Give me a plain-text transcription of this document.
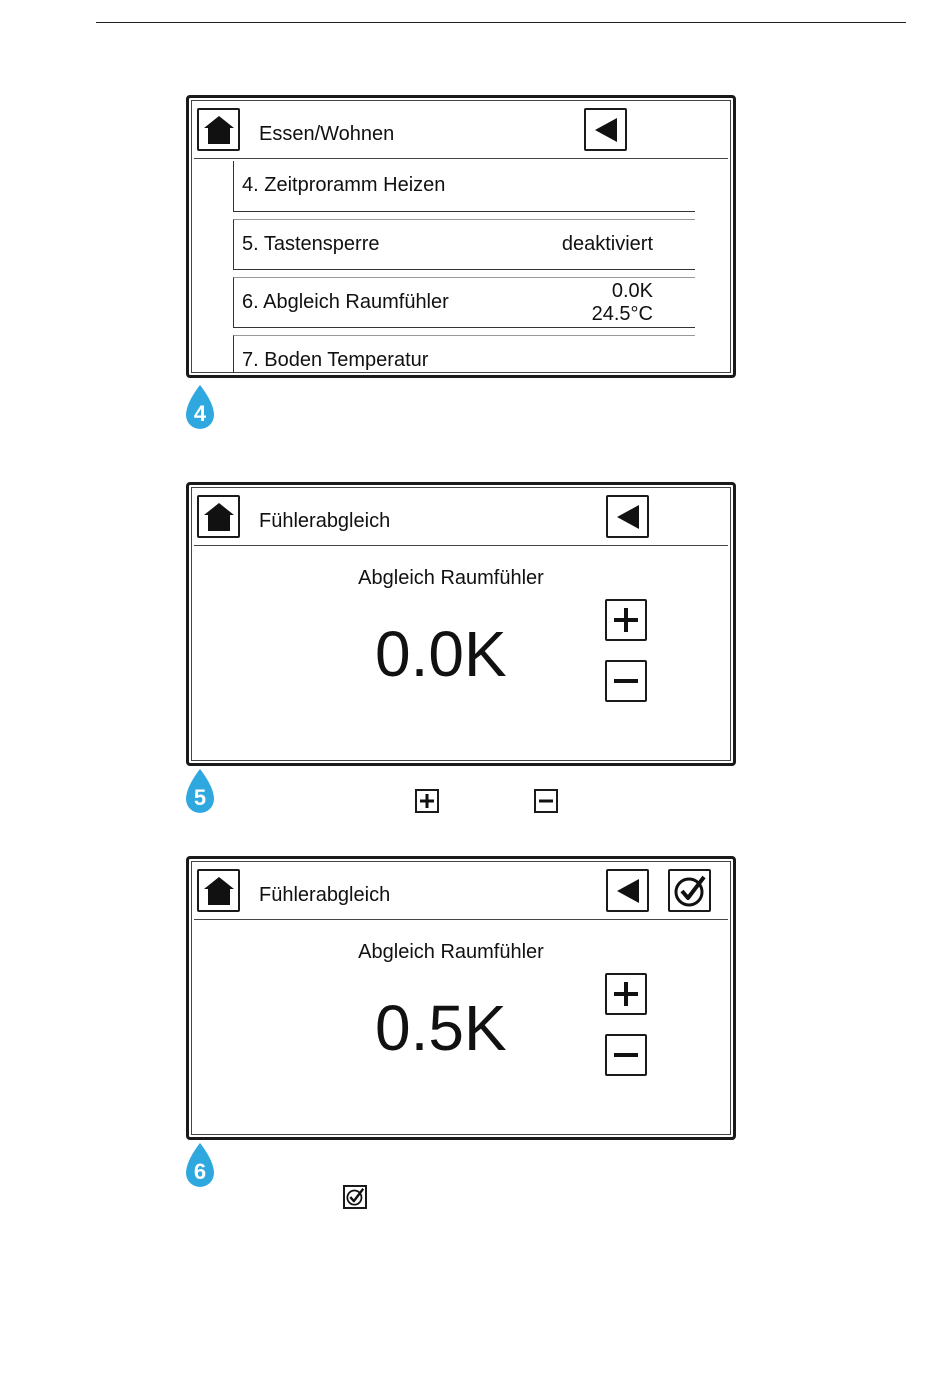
Essen/Wohnen
4. Zeitproramm Heizen
5. Tastensperre	deaktiviert
6. Abgleich Raumfühler	0.0K
24.5°C
7. Boden Temperatur
4
Fühlerabgleich
Abgleich Raumfühler
0.0K
5
Fühlerabgleich
Abgleich Raumfühler
0.5K
6
